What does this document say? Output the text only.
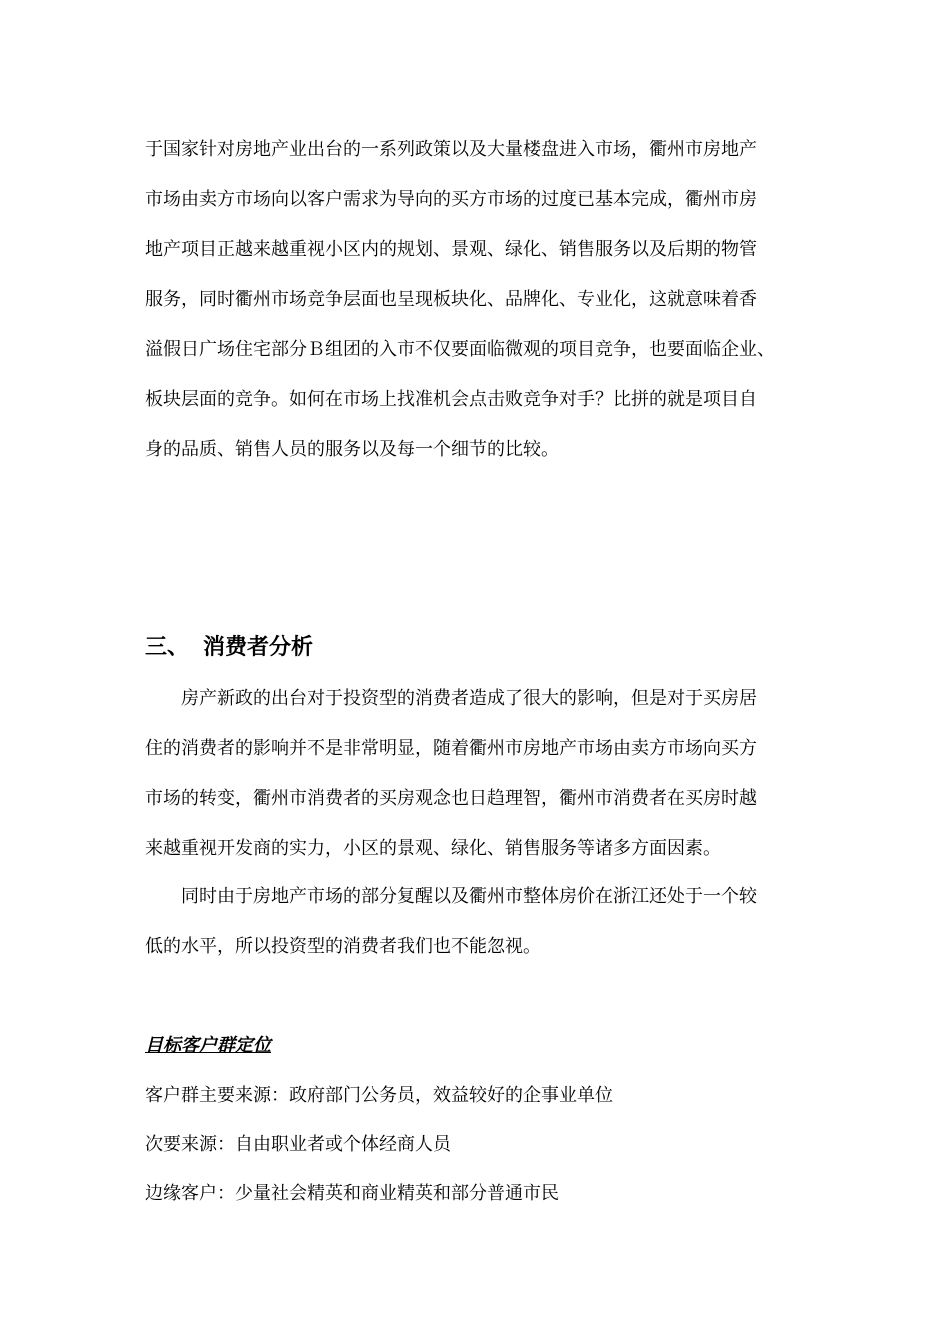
于国家针对房地产业出台的一系列政策以及大量楼盘进入市场，衢州市房地产
市场由卖方市场向以客户需求为导向的买方市场的过度已基本完成，衢州市房
地产项目正越来越重视小区内的规划、景观、绿化、销售服务以及后期的物管
服务，同时衢州市场竞争层面也呈现板块化、品牌化、专业化，这就意味着香
溢假日广场住宅部分Ｂ组团的入市不仅要面临微观的项目竞争，也要面临企业、
板块层面的竞争。如何在市场上找准机会点击败竞争对手？比拼的就是项目自
身的品质、销售人员的服务以及每一个细节的比较。
三、 消费者分析
房产新政的出台对于投资型的消费者造成了很大的影响，但是对于买房居
住的消费者的影响并不是非常明显，随着衢州市房地产市场由卖方市场向买方
市场的转变，衢州市消费者的买房观念也日趋理智，衢州市消费者在买房时越
来越重视开发商的实力，小区的景观、绿化、销售服务等诸多方面因素。
同时由于房地产市场的部分复醒以及衢州市整体房价在浙江还处于一个较
低的水平，所以投资型的消费者我们也不能忽视。
目标客户群定位
客户群主要来源：政府部门公务员，效益较好的企事业单位
次要来源：自由职业者或个体经商人员
边缘客户：少量社会精英和商业精英和部分普通市民
